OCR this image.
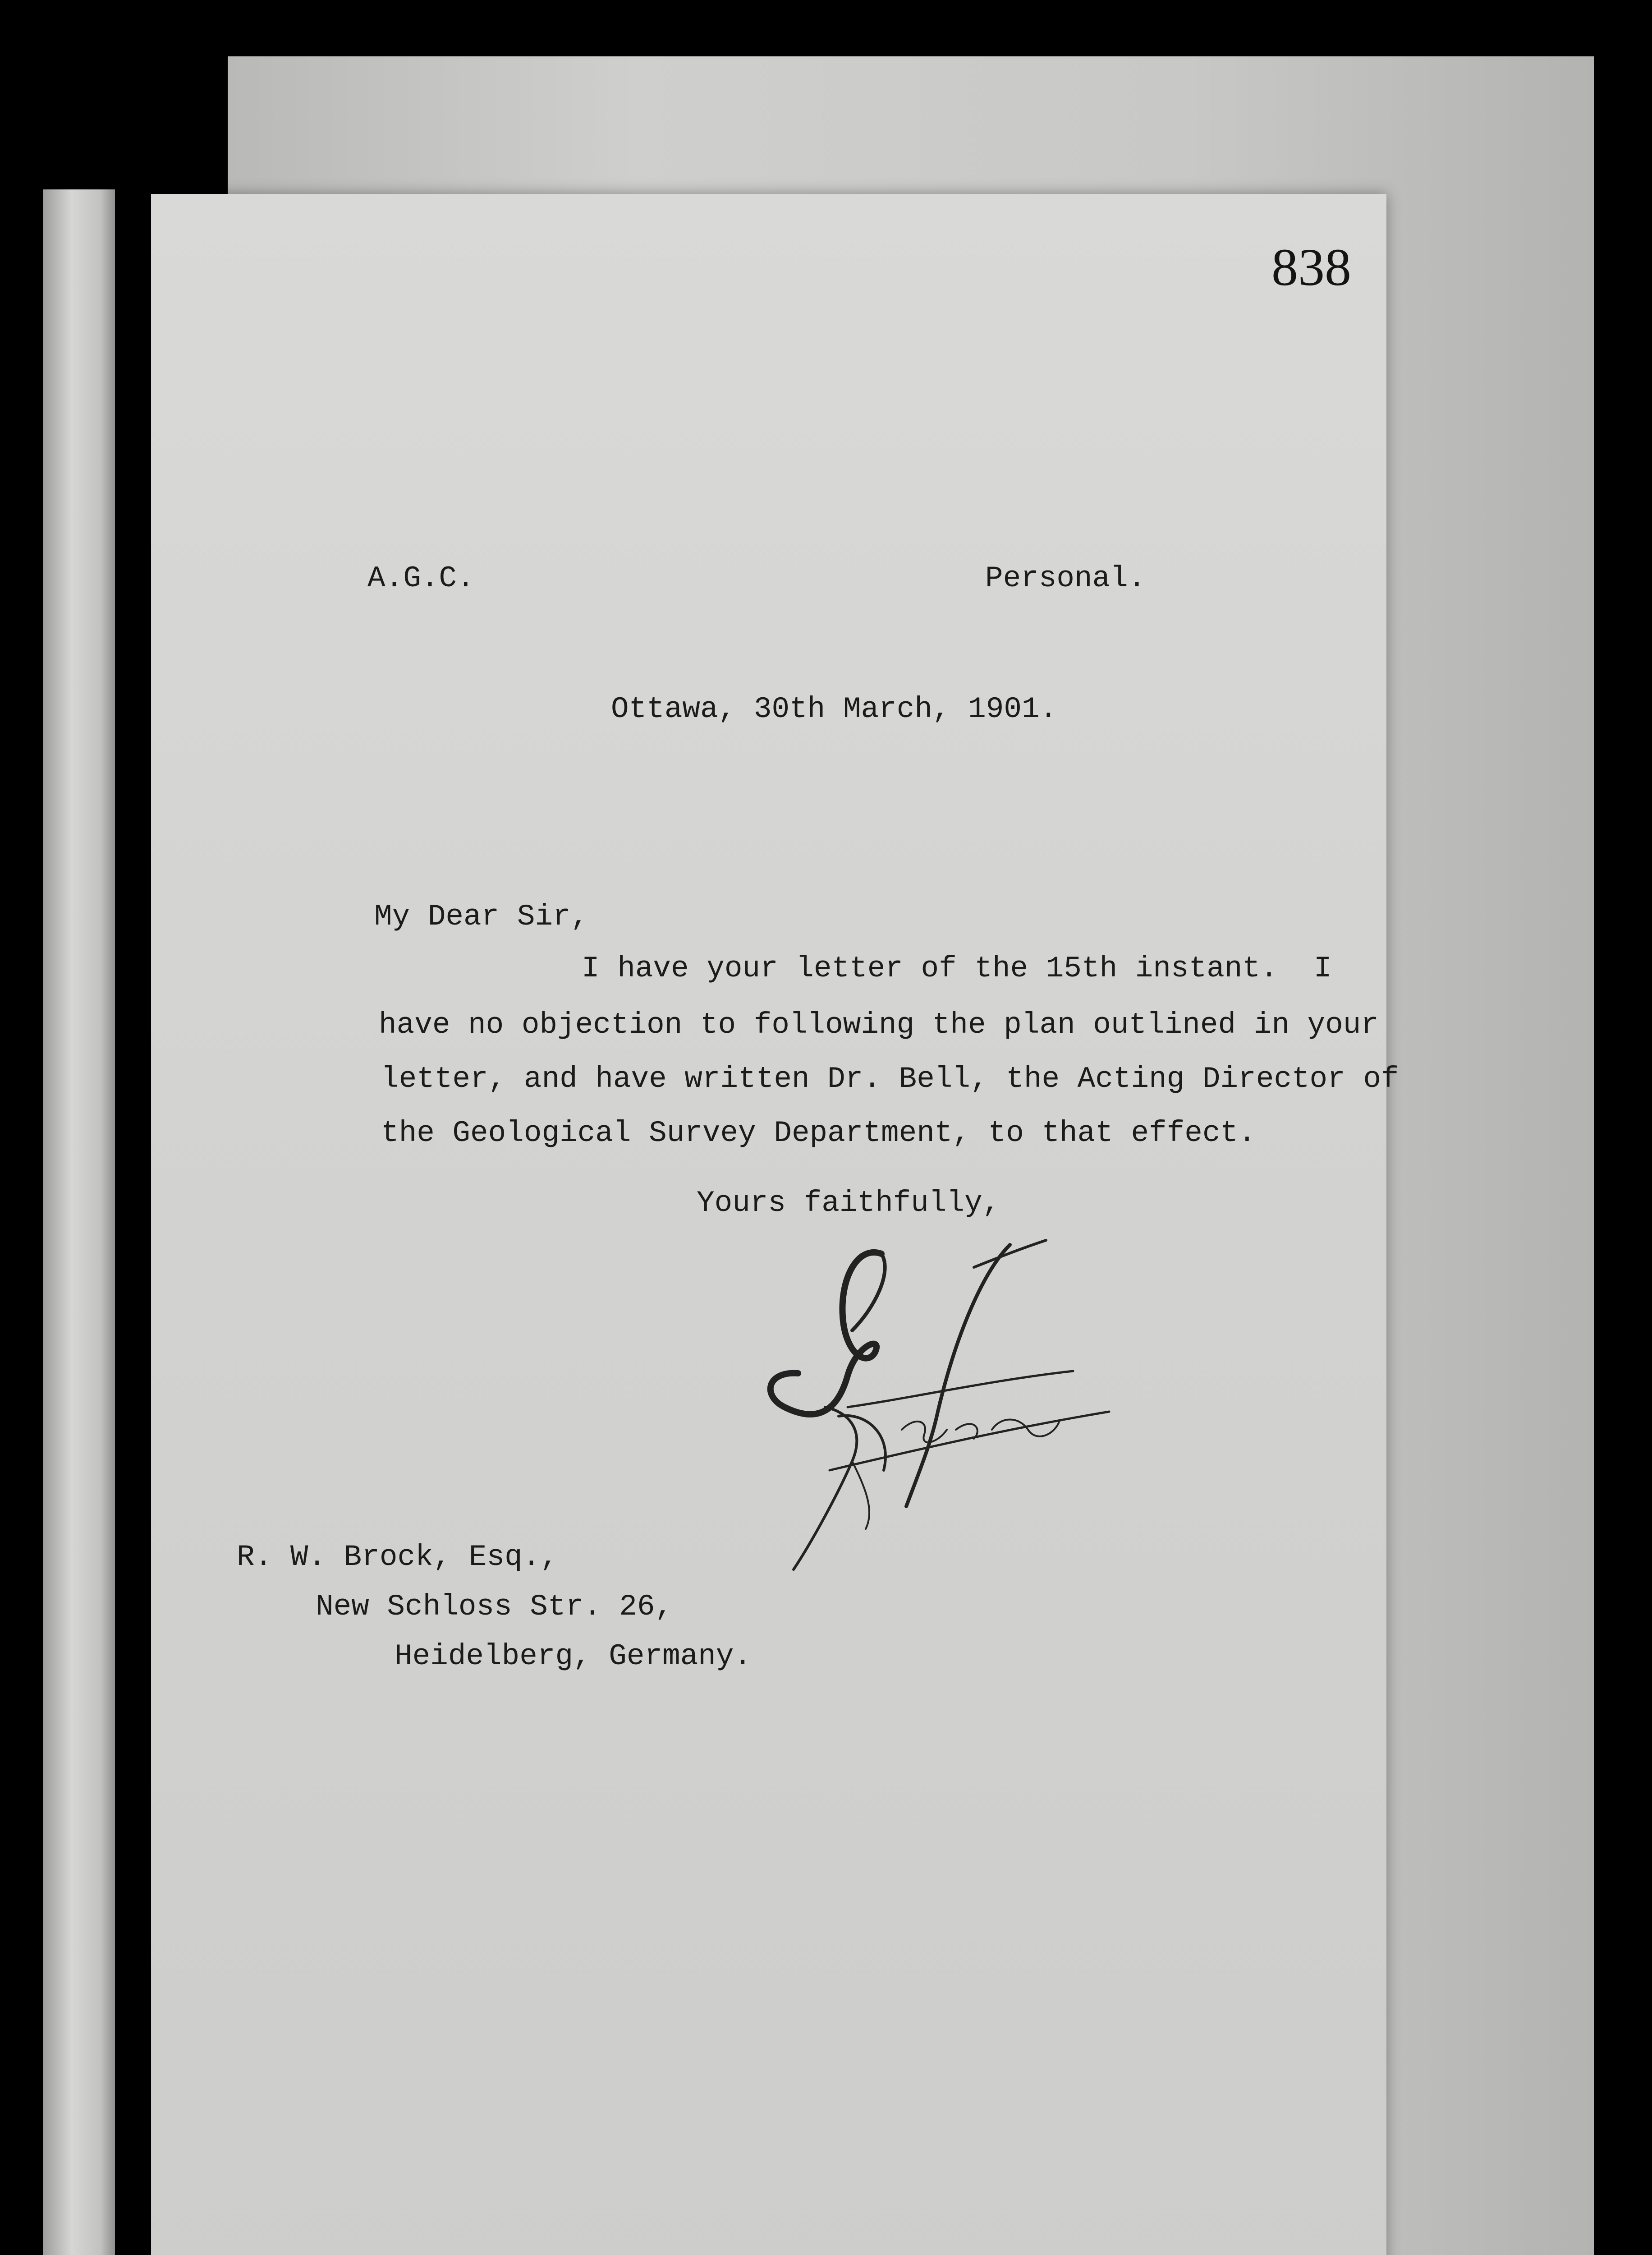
838
A.G.C.	Personal.
Ottawa, 30th March, 1901.
My Dear Sir,
I have your letter of the 15th instant.  I
have no objection to following the plan outlined in your
letter, and have written Dr. Bell, the Acting Director of
the Geological Survey Department, to that effect.
Yours faithfully,
R. W. Brock, Esq.,
New Schloss Str. 26,
Heidelberg, Germany.
